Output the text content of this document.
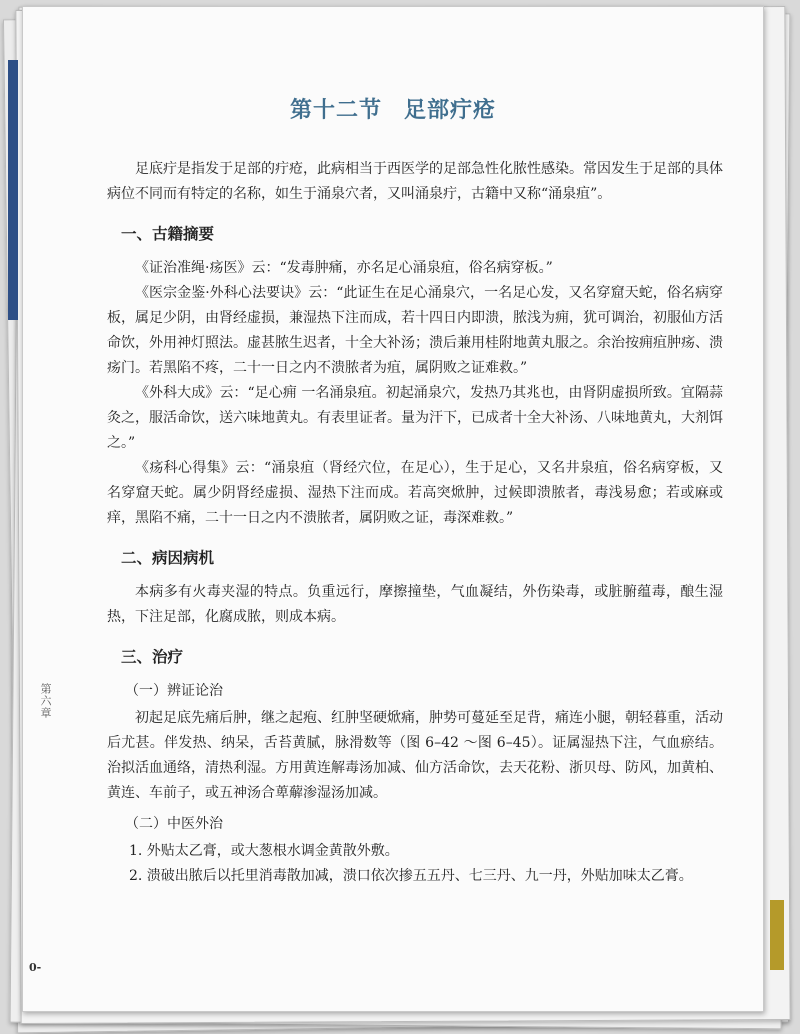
第十二节 足部疔疮

足底疔是指发于足部的疔疮，此病相当于西医学的足部急性化脓性感染。常因发生于足部的具体病位不同而有特定的名称，如生于涌泉穴者，又叫涌泉疔，古籍中又称“涌泉疽”。

一、古籍摘要

《证治准绳·疡医》云：“发毒肿痛，亦名足心涌泉疽，俗名病穿板。”

《医宗金鉴·外科心法要诀》云：“此证生在足心涌泉穴，一名足心发，又名穿窟天蛇，俗名病穿板，属足少阴，由肾经虚损，兼湿热下注而成，若十四日内即溃，脓浅为痈，犹可调治，初服仙方活命饮，外用神灯照法。虚甚脓生迟者，十全大补汤；溃后兼用桂附地黄丸服之。余治按痈疽肿疡、溃疡门。若黑陷不疼，二十一日之内不溃脓者为疽，属阴败之证难救。”

《外科大成》云：“足心痈 一名涌泉疽。初起涌泉穴，发热乃其兆也，由肾阴虚损所致。宜隔蒜灸之，服活命饮，送六味地黄丸。有表里证者。量为汗下，已成者十全大补汤、八味地黄丸，大剂饵之。”

《疡科心得集》云：“涌泉疽（肾经穴位，在足心），生于足心，又名井泉疽，俗名病穿板，又名穿窟天蛇。属少阴肾经虚损、湿热下注而成。若高突焮肿，过候即溃脓者，毒浅易愈；若或麻或痒，黑陷不痛，二十一日之内不溃脓者，属阴败之证，毒深难救。”

二、病因病机

本病多有火毒夹湿的特点。负重远行，摩擦撞垫，气血凝结，外伤染毒，或脏腑蕴毒，酿生湿热，下注足部，化腐成脓，则成本病。

三、治疗
（一）辨证论治

初起足底先痛后肿，继之起疱、红肿坚硬焮痛，肿势可蔓延至足背，痛连小腿，朝轻暮重，活动后尤甚。伴发热、纳呆，舌苔黄腻，脉滑数等（图 6–42 ～图 6–45）。证属湿热下注，气血瘀结。治拟活血通络，清热利湿。方用黄连解毒汤加减、仙方活命饮，去天花粉、浙贝母、防风，加黄柏、黄连、车前子，或五神汤合萆薢渗湿汤加减。

（二）中医外治

1. 外贴太乙膏，或大葱根水调金黄散外敷。

2. 溃破出脓后以托里消毒散加减，溃口依次掺五五丹、七三丹、九一丹，外贴加味太乙膏。

第六章
0-
